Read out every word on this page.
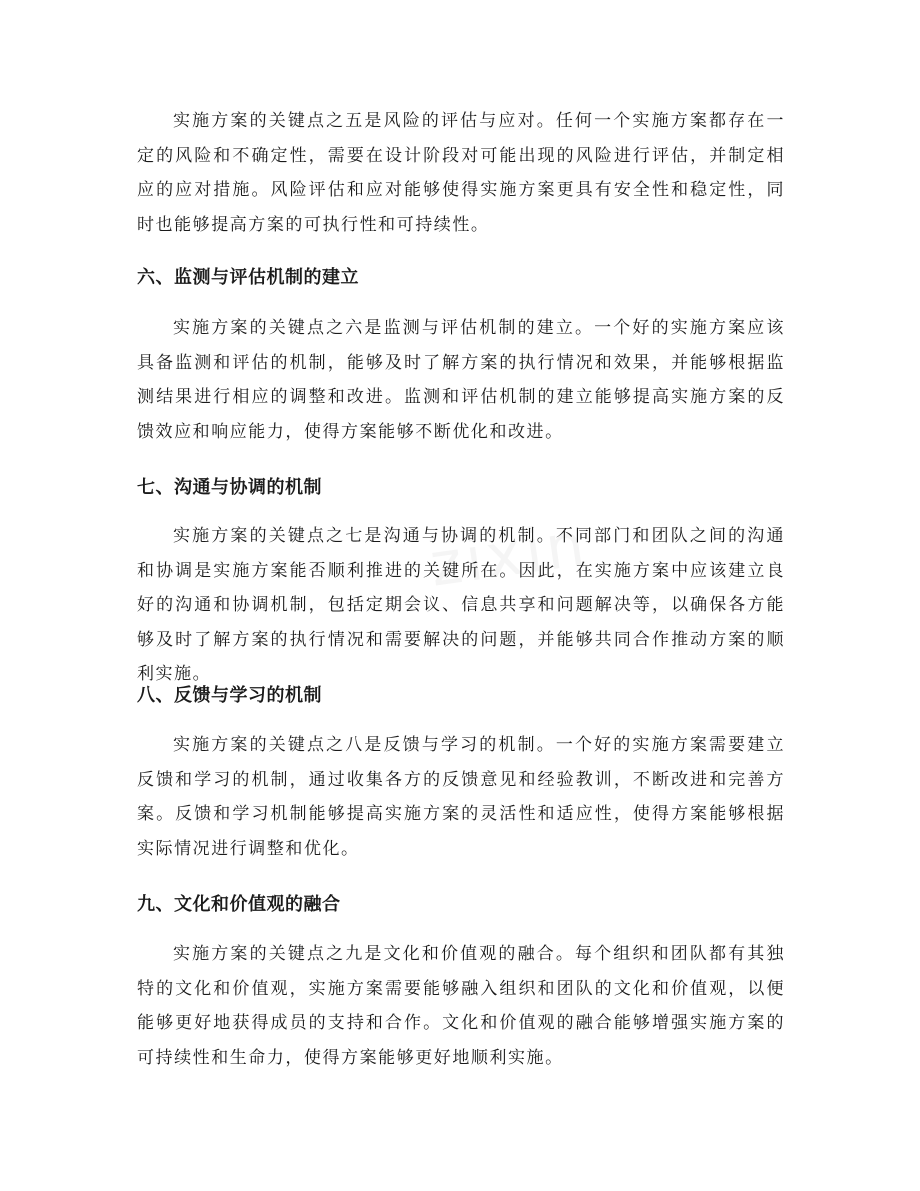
实施方案的关键点之五是风险的评估与应对。任何一个实施方案都存在一定的风险和不确定性，需要在设计阶段对可能出现的风险进行评估，并制定相应的应对措施。风险评估和应对能够使得实施方案更具有安全性和稳定性，同时也能够提高方案的可执行性和可持续性。

六、监测与评估机制的建立

实施方案的关键点之六是监测与评估机制的建立。一个好的实施方案应该具备监测和评估的机制，能够及时了解方案的执行情况和效果，并能够根据监测结果进行相应的调整和改进。监测和评估机制的建立能够提高实施方案的反馈效应和响应能力，使得方案能够不断优化和改进。

七、沟通与协调的机制

实施方案的关键点之七是沟通与协调的机制。不同部门和团队之间的沟通和协调是实施方案能否顺利推进的关键所在。因此，在实施方案中应该建立良好的沟通和协调机制，包括定期会议、信息共享和问题解决等，以确保各方能够及时了解方案的执行情况和需要解决的问题，并能够共同合作推动方案的顺利实施。

八、反馈与学习的机制

实施方案的关键点之八是反馈与学习的机制。一个好的实施方案需要建立反馈和学习的机制，通过收集各方的反馈意见和经验教训，不断改进和完善方案。反馈和学习机制能够提高实施方案的灵活性和适应性，使得方案能够根据实际情况进行调整和优化。

九、文化和价值观的融合

实施方案的关键点之九是文化和价值观的融合。每个组织和团队都有其独特的文化和价值观，实施方案需要能够融入组织和团队的文化和价值观，以便能够更好地获得成员的支持和合作。文化和价值观的融合能够增强实施方案的可持续性和生命力，使得方案能够更好地顺利实施。
